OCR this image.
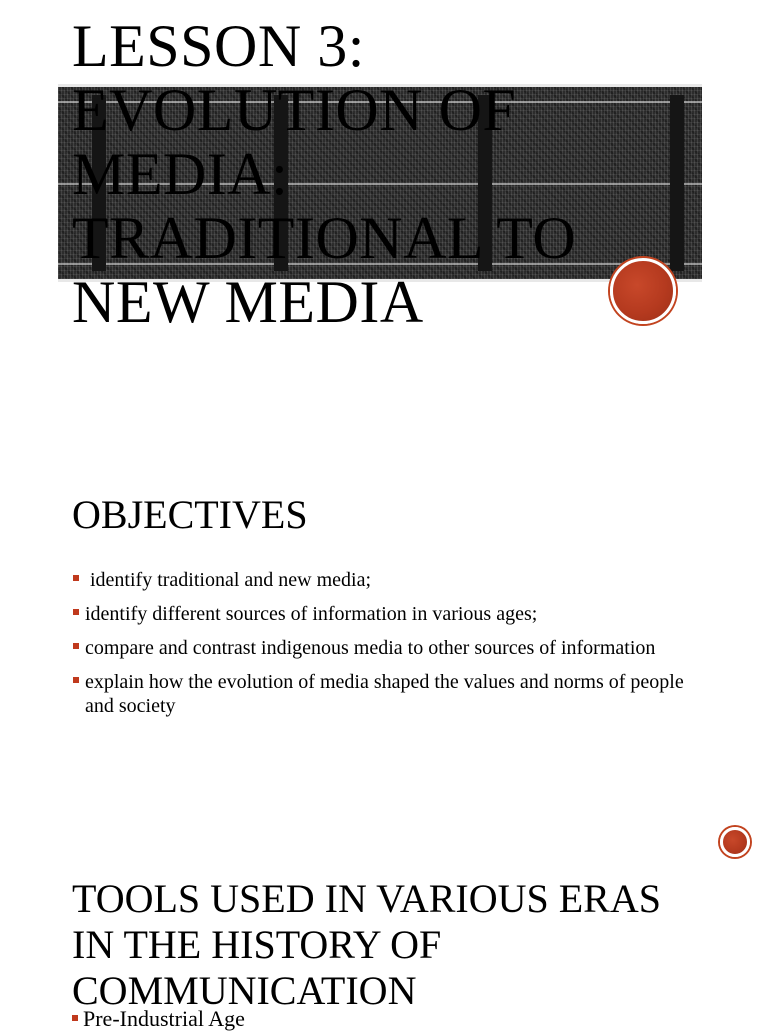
LESSON 3: EVOLUTION OF MEDIA: TRADITIONAL TO NEW MEDIA
OBJECTIVES
identify traditional and new media;
identify different sources of information in various ages;
compare and contrast indigenous media to other sources of information
explain how the evolution of media shaped the values and norms of people and society
TOOLS USED IN VARIOUS ERAS IN THE HISTORY OF COMMUNICATION
Pre-Industrial Age
